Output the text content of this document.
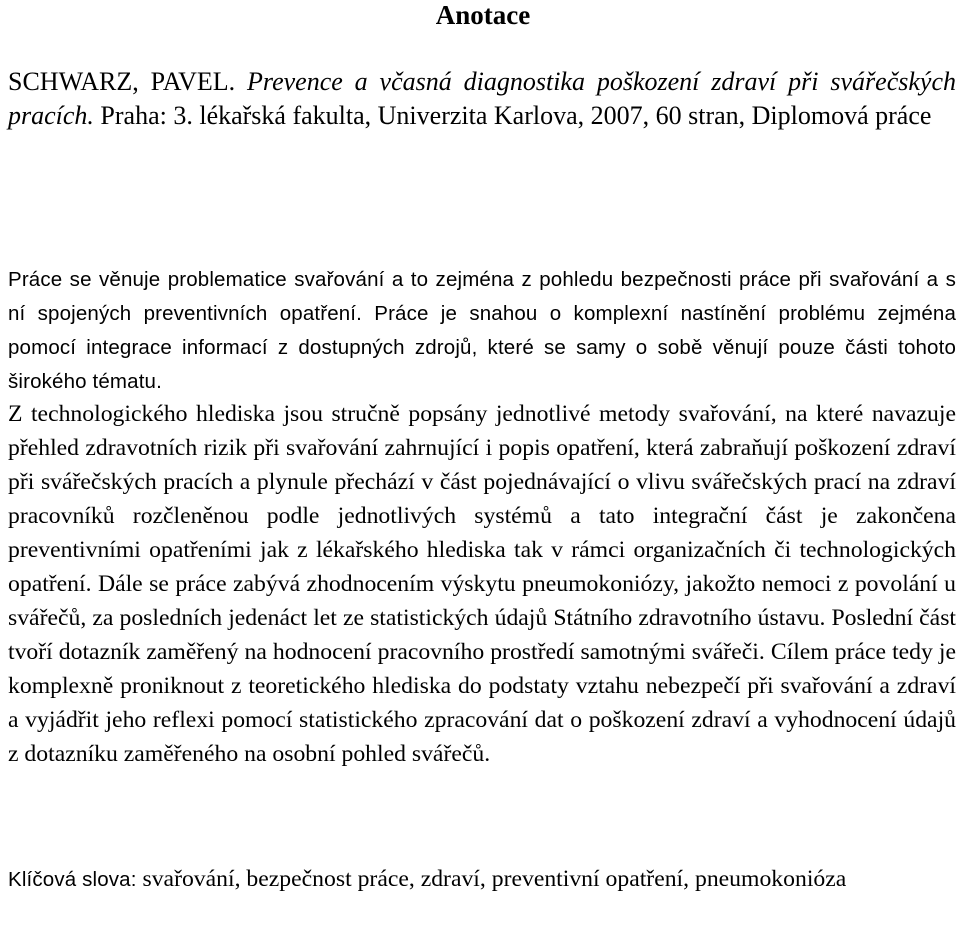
Anotace

SCHWARZ, PAVEL. Prevence a včasná diagnostika poškození zdraví při svářečských pracích. Praha: 3. lékařská fakulta, Univerzita Karlova, 2007, 60 stran, Diplomová práce

Práce se věnuje problematice svařování a to zejména z pohledu bezpečnosti práce při svařování a s ní spojených preventivních opatření. Práce je snahou o komplexní nastínění problému zejména pomocí integrace informací z dostupných zdrojů, které se samy o sobě věnují pouze části tohoto širokého tématu.

Z technologického hlediska jsou stručně popsány jednotlivé metody svařování, na které navazuje přehled zdravotních rizik při svařování zahrnující i popis opatření, která zabraňují poškození zdraví při svářečských pracích a plynule přechází v část pojednávající o vlivu svářečských prací na zdraví pracovníků rozčleněnou podle jednotlivých systémů a tato integrační část je zakončena preventivními opatřeními jak z lékařského hlediska tak v rámci organizačních či technologických opatření. Dále se práce zabývá zhodnocením výskytu pneumokoniózy, jakožto nemoci z povolání u svářečů, za posledních jedenáct let ze statistických údajů Státního zdravotního ústavu. Poslední část tvoří dotazník zaměřený na hodnocení pracovního prostředí samotnými svářeči. Cílem práce tedy je komplexně proniknout z teoretického hlediska do podstaty vztahu nebezpečí při svařování a zdraví a vyjádřit jeho reflexi pomocí statistického zpracování dat o poškození zdraví a vyhodnocení údajů z dotazníku zaměřeného na osobní pohled svářečů.

Klíčová slova: svařování, bezpečnost práce, zdraví, preventivní opatření, pneumokonióza
